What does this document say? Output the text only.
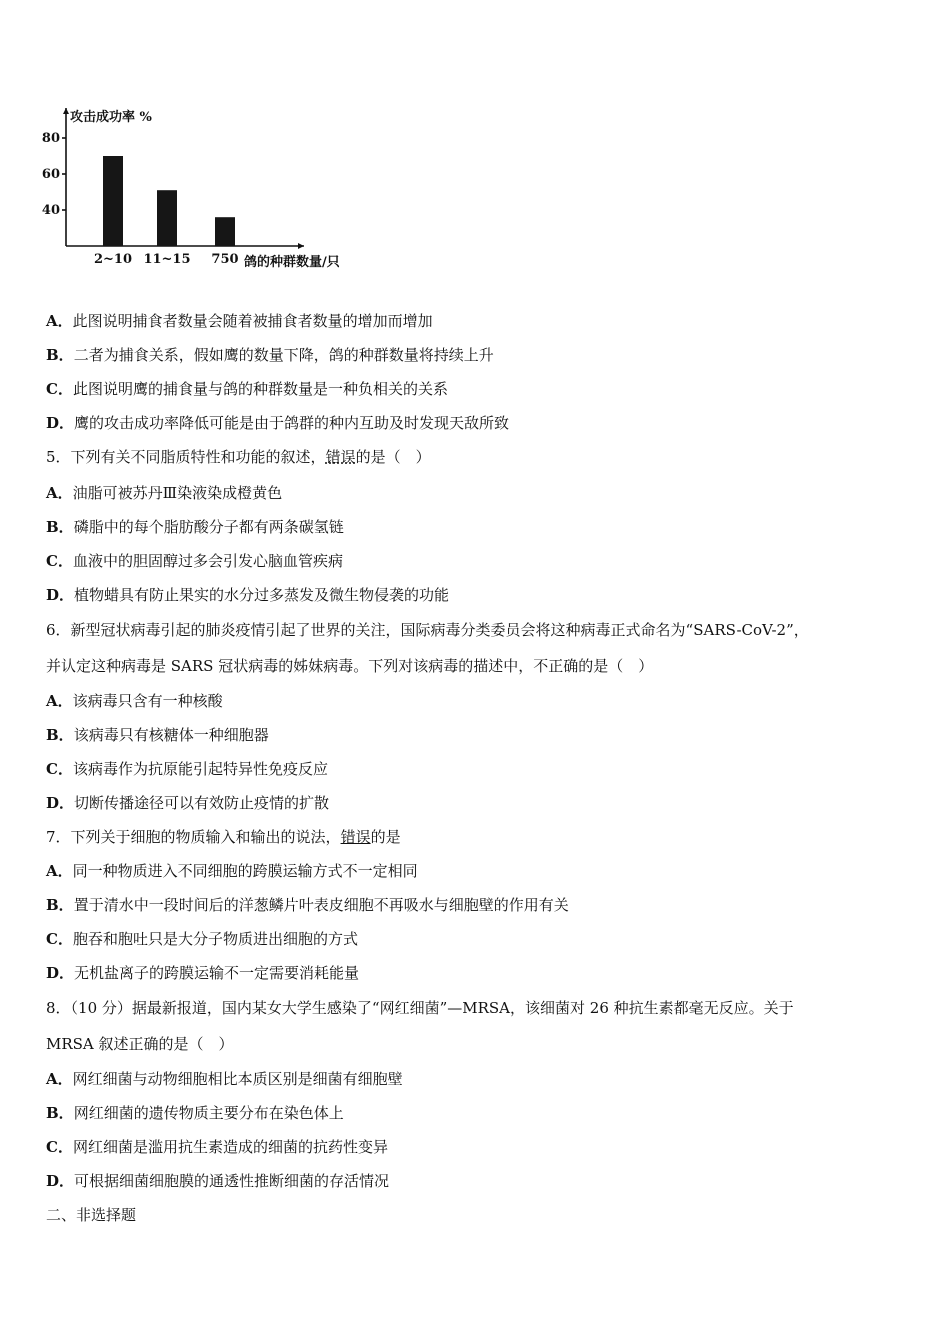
攻击成功率 %
40
60
80
2~10 11~15 750 鸽的种群数量/只
A．此图说明捕食者数量会随着被捕食者数量的增加而增加
B．二者为捕食关系，假如鹰的数量下降，鸽的种群数量将持续上升
C．此图说明鹰的捕食量与鸽的种群数量是一种负相关的关系
D．鹰的攻击成功率降低可能是由于鸽群的种内互助及时发现天敌所致
5．下列有关不同脂质特性和功能的叙述，错误的是（　）
A．油脂可被苏丹Ⅲ染液染成橙黄色
B．磷脂中的每个脂肪酸分子都有两条碳氢链
C．血液中的胆固醇过多会引发心脑血管疾病
D．植物蜡具有防止果实的水分过多蒸发及微生物侵袭的功能
6．新型冠状病毒引起的肺炎疫情引起了世界的关注，国际病毒分类委员会将这种病毒正式命名为“SARS-CoV-2”，
并认定这种病毒是 SARS 冠状病毒的姊妹病毒。下列对该病毒的描述中，不正确的是（　）
A．该病毒只含有一种核酸
B．该病毒只有核糖体一种细胞器
C．该病毒作为抗原能引起特异性免疫反应
D．切断传播途径可以有效防止疫情的扩散
7．下列关于细胞的物质输入和输出的说法，错误的是
A．同一种物质进入不同细胞的跨膜运输方式不一定相同
B．置于清水中一段时间后的洋葱鳞片叶表皮细胞不再吸水与细胞壁的作用有关
C．胞吞和胞吐只是大分子物质进出细胞的方式
D．无机盐离子的跨膜运输不一定需要消耗能量
8．（10 分）据最新报道，国内某女大学生感染了“网红细菌”—MRSA，该细菌对 26 种抗生素都毫无反应。关于
MRSA 叙述正确的是（　）
A．网红细菌与动物细胞相比本质区别是细菌有细胞壁
B．网红细菌的遗传物质主要分布在染色体上
C．网红细菌是滥用抗生素造成的细菌的抗药性变异
D．可根据细菌细胞膜的通透性推断细菌的存活情况
二、非选择题
